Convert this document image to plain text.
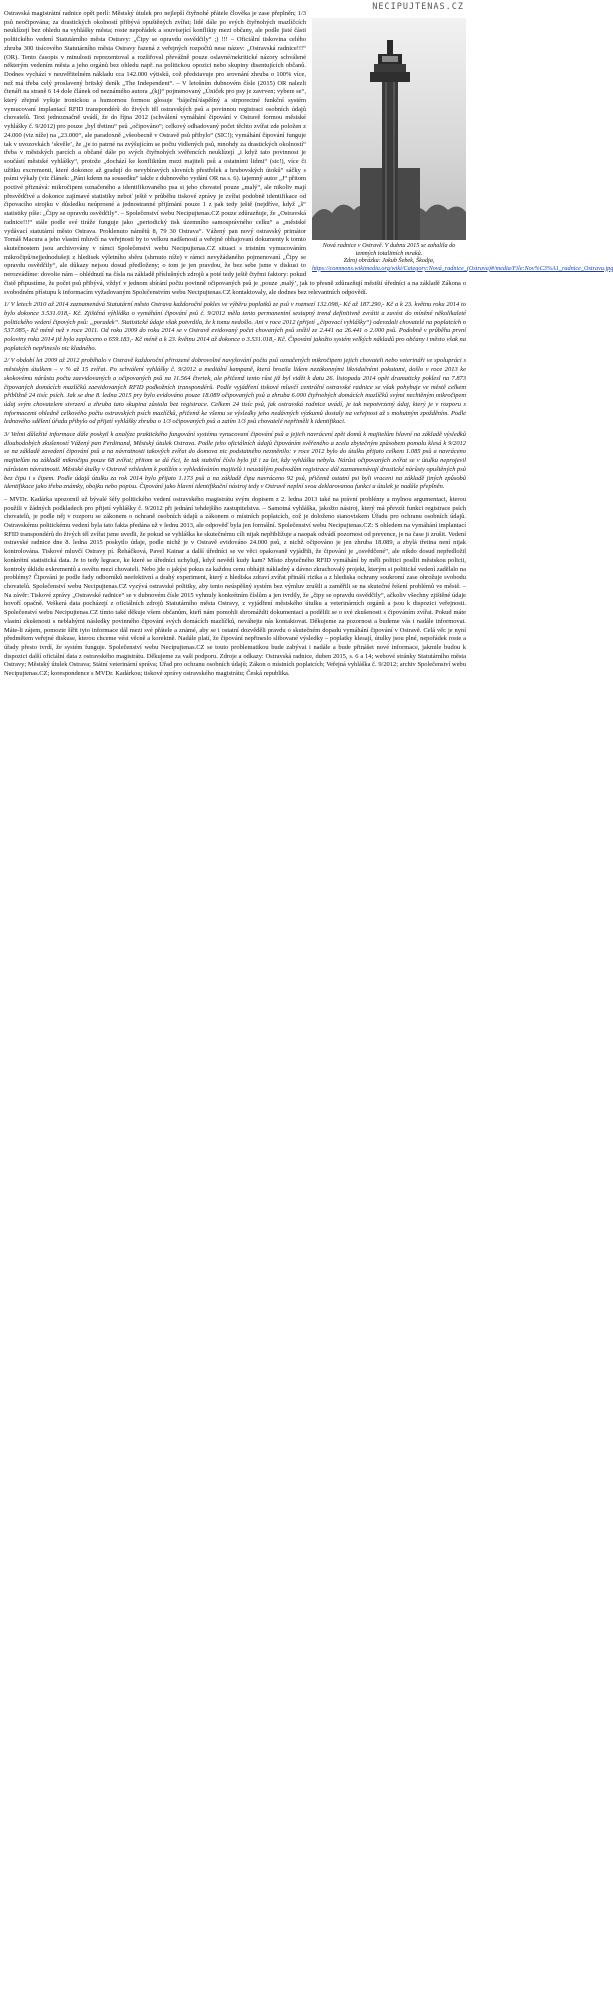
NECIPUJTENAS.CZ
Nová radnice v Ostravě. V dubnu 2015 se zahalila do temných totalitních mraků.
Zdroj obrázku: Jakub Šebek, Škodja,
https://commons.wikimedia.org/wiki/Category:Nová_radnice_(Ostrava)#/media/File:Nov%C3%A1_radnice_Ostrava.jpg

Ostravská magistrátní radnice opět perlí: Městský útulek pro nejlepší čtyřnohé přátele člověka je zase přeplněn; 1/3 psů neočipována; za drastických okolností přibývá opuštěných zvířat; lidé dále po svých čtyřnohých mazlíčcích neuklízejí bez ohledu na vyhlášky města; roste nepořádek a související konflikty mezi občany, ale podle jisté části politického vedení Statutárního města Ostravy: „Čipy se opravdu osvědčily“ ;) !!! – Oficiální tiskovina celého zhruba 300 tisícového Statutárního města Ostravy řazená z veřejných rozpočtů nese název: „Ostravská radnice!!!“ (OR). Tento časopis v minulosti reprezentoval a rozšiřoval převážně pouze oslavné/nekritické názory schválené některým vedením města a jeho orgánů bez ohledu např. na politickou opozici nebo skupiny disentujících občanů. Dodnes vychází v neuvěřitelném nákladu cca 142.000 výtisků, což představuje pro srovnání zhruba o 100% více, než má třeba celý proslavený britský deník „The Independent“. – V letošním dubnovém čísle (2015) OR nalezli čtenáři na straně 6 14 dole článek od neznámého autora „(kj)“ pojmenovaný „Úniček pro psy je zavrven; vybere se“, který zřejmě vyšuje ironickou a humornou formou glosuje ‘báječní/úspěšný a strporectné funkční systém vymucovaní implantací RFID transpondérů do živých těl ostravských psů a povinnou registraci osobních údajů chovatelů. Text jednoznačně uvádí, že do října 2012 (schválení vymáhání čipování v Ostravě formou městské vyhlášky č. 9/2012) pro pouze „byl třetinu“ psů „očipováno“; celkový odhadovaný počet těchto zvířat zde položen z 24.000 (viz níže) na „23.000“, ale paradoxně „všeobecně v Ostravě psů přibylo“ (SIC!); vymáhání čipování funguje tak v uvozovkách ‘skvěle’, že „je to patrné na zvýšujícím se počtu vidlených psů, mnohdy za drastických okolností“ třeba v městských parcích a občané dále po svých čtyřnohých svěřencích neuklízejí „i když tato povinnost je součástí městské vyhlášky“, protože „dochází ke konfliktům mezi majiteli psů a ostatními lidmi“ (sic!), více či užitku excrementi, které dokonce až gradují do nevybíravých slovních přestřelek a hrubovských útoků“ sáčky s psími výkaly (viz článek: „Páni kdenn na sousedku“ takže z dubnového vydání OR na s. 6). tajemný autor „J“ přitom poctivé přiznává: mikročipem označeného a identifikovaného psa si jeho chovatel pouze „malý“, ale nikoliv mají přesvědčivé a dokonce zajímavé statistiky neboť ještě v průběhu tiskové zprávy je zvířat podobně identifikace od čipovacího strojku v důsledku neúprosné a jednostranné přijímání pouze 1 z pak tedy ještě (nejdříve, když „š“ statistiky píše: „Čipy se opravdu osvědčily“. – Společenství webu Necipujtenas.CZ pouze zdůrazňuje, že „Ostravská radnice!!!“ stále podle své tiráže funguje jako „periodický tisk územního samosprávného celku“ a „městské vydávací statutární město Ostrava. Proklenuto námětů 8, 79 30 Ostrava“. Vážený pan nový ostravský primátor Tomáš Macura a jeho vlastní mluvčí na veřejnosti by to velkou nadšeností a veřejně obhajovaní dokumenty k tomto skutečnostem jsou archivovány v rámci Společenství webu Necipujtenas.CZ situaci s tristním vymucováním mikročipů/nejjednodušeji z hledisek výletního sběru (shrnuto níže) v rámci nevyžádaného pojmenovaní „Čipy se opravdu osvědčily“, ale důkazy nejsou dosud předloženy; o tom je jen pravdou, že bez sebe jsme v diskusi to nerozvádíme: dovolte nám – ohlédnutí na čísla na základě příslušných zdrojů a poté tedy ještě čtyřmi faktory: pokud čistě připustíme, že počet psů přibývá, vždyť v jednom sbírání počtu povinně očipovaných psů je ‚pouze ‚malý’, jak to přesně zdůrazňují městští úředníci a na základě Zákona o svobodném přístupu k informacím vyžadovaným Společenstvím webu Necipujtenas.CZ kontaktovaly, ale dodnes bez relevantních odpovědí.

1/ V letech 2010 až 2014 zaznamenává Statutární město Ostrava každoroční pokles ve výběru poplatků ze psů v rozmezí 132.098,- Kč až 187.290,- Kč a k 23. květnu roku 2014 to bylo dokonce 3.531.018,- Kč. Zjištěná výhlídka o vymáhání čipování psů č. 9/2012 měla tento permanentní sestupný trend definitivně zvrátit a zavést do míněné několikaleté politického vedení čipových psů: „poradek“. Statistické údaje však potvrdila, že k tomu nedošlo. Ani v roce 2012 (přijetí „čipovací vyhlášky“) odevzdali chovatelé na poplatcích o 537.085,- Kč méně než v roce 2011. Od roku 2009 do roku 2014 se v Ostravě evidovaný počet chovaných psů snížil ze 2.441 na 26.441 o 2.000 psů. Podobně v průběhu první poloviny roku 2014 již bylo zaplaceno o 659.183,- Kč méně a k 23. květnu 2014 až dokonce o 3.531.018,- Kč. Čipování jakožto systém velkých nákladů pro občany i město však na poplatcích nepřineslo nic kladného.

2/ V období let 2009 až 2012 probíhalo v Ostravě každoroční přirozené dobrovolné navyšování počtu psů označených mikročipem jejich chovateli nebo veterináři ve spolupráci s městským útulkem – v % až 15 zvířat. Po schválení vyhlášky č. 9/2012 a mediální kampaně, která hrozila lidem nezákonnými likvidačními pokutami, došlo v roce 2013 ke skokovému nárůstu počtu zaevidovaných a očipovaných psů na 11.564 čtvrtek, ale přičemž tento růst již byl vidět k datu 26. listopadu 2014 opět dramaticky poklesl na 7.873 čipovaných domácích mazlíčků zaevidovaných RFID podkožních transpondérů. Podle vyjádření tiskové mluvčí centrální ostravské radnice se však pohybuje ve městě celkem přibližně 24 tisíc psích. Jak se dne 8. ledna 2015 pry bylo evidováno pouze 18.089 očipovaných psů a zhruba 6.000 čtyřnohých domácích mazlíčků svými nechtěným mikročipem údaj svým chovatelem stvrzení a zhruba tato skupina zůstala bez registrace. Celkem 24 tisíc psů, jak ostravská radnice uvádí, je tak nepotvrzený údaj, který je v rozporu s informacemi ohledně celkového počtu ostravských psích mazlíčků, přičemž ke všemu se výsledky jeho nedávných výzkumů dostaly na veřejnost až s mohutným zpožděním. Podle lednového sdělení úřadu přibylo od přijetí vyhlášky zhruba o 1/3 očipovaných psů a zatím 1/3 psů chovatelé nepřiměli k identifikaci.

3/ Velmi důležité informace dále poskytl k analýze praktického fungování systému vynucovaní čipování psů a jejich navrácení zpět domů k majitelům hlavní na základě výsledků dlouhodobých zkušeností Vážený pan Ferdinand, Městský útulek Ostrava. Podle jeho oficiálních údajů čipováním svěřeného a zcela zbytečným způsobem pomalu klesá k 9/2012 se na základě zavedení čipování psů a na návratnosti takových zvířat do domova nic podstatného nezměnilo: v roce 2012 bylo do útulku přijato celkem 1.085 psů a navráceno majitelům na základě mikročipu pouze 68 zvířat; přitom se dá říci, že tak stabilní číslo bylo již i za let, kdy vyhláška nebyla. Nárůst očipovaných zvířat se v útulku neprojevil nárůstem návratnosti. Městské útulky v Ostravě vzhledem k potížím s vyhledáváním majitelů i neustálým podvodům registrace dál zaznamenávají drastické nárůsty opuštěných psů bez čipu i s čipem. Podle údajů útulku za rok 2014 bylo přijato 1.173 psů a na základě čipu navráceno 92 psů, přičemž ostatní psi byli vraceni na základě jiných způsobů identifikace jako třeba známky, obojku nebo popisu. Čipování jako hlavní identifikační nástroj tedy v Ostravě neplní svou deklarovanou funkci a útulek je nadále přeplněn.

– MVDr. Kadárka upozornil už bývalé šéfy politického vedení ostravského magistrátu svým dopisem z 2. ledna 2013 také na právní problémy a mylnou argumentaci, kterou použili v žádných podkladech pro přijetí vyhlášky č. 9/2012 při jednání tehdejšího zastupitelstva. – Samotná vyhláška, jakožto nástroj, který má převzít funkci registrace psích chovatelů, je podle něj v rozporu se zákonem o ochraně osobních údajů a zákonem o místních poplatcích, což je doloženo stanoviskem Úřadu pro ochranu osobních údajů. Ostravskému politickému vedení byla tato fakta předána už v lednu 2013, ale odpověď byla jen formální. Společenství webu Necipujtenas.CZ: S ohledem na vymáhání implantací RFID transpondérů do živých těl zvířat jsme uvedli, že pokud se vyhláška ke skutečnému cíli nijak nepřibližuje a naopak odvádí pozornost od prevence, je na čase ji zrušit. Vedení ostravské radnice dne 8. ledna 2015 poskytlo údaje, podle nichž je v Ostravě evidováno 24.000 psů, z nichž očipováno je jen zhruba 18.089, a zbylá třetina není nijak kontrolována. Tiskové mluvčí Ostravy pí. Řeháčková, Pavel Kainar a další úředníci se ve věci opakovaně vyjádřili, že čipování je „osvědčené“, ale nikdo dosud nepředložil konkrétní statistická data. Je to tedy legrace, ke které se úředníci uchylují, když nevědí kudy kam? Místo zbytečného RFID vymáhání by měli politici posílit městskou policii, kontroly úklidu exkrementů a osvětu mezi chovateli. Nebo jde o jakýsi pokus za každou cenu obhájit nákladný a dávno zkrachovalý projekt, kterým si politické vedení zadělalo na problémy? Čipování je podle řady odborníků neefektivní a drahý experiment, který z hlediska zdraví zvířat přináší rizika a z hlediska ochrany soukromí zase ohrožuje svobodu chovatelů. Společenství webu Necipujtenas.CZ vyzývá ostravské politiky, aby tento neúspěšný systém bez výmluv zrušili a zaměřili se na skutečné řešení problémů ve městě. – Na závěr: Tiskové zprávy „Ostravské radnice“ se v dubnovém čísle 2015 vyhnuly konkrétním číslům a jen tvrdily, že „čipy se opravdu osvědčily“, ačkoliv všechny zjištěné údaje hovoří opačně. Veškerá data pocházejí z oficiálních zdrojů Statutárního města Ostravy, z vyjádření městského útulku a veterinárních orgánů a jsou k dispozici veřejnosti. Společenství webu Necipujtenas.CZ tímto také děkuje všem občanům, kteří nám pomohli shromáždit dokumentaci a podělili se o své zkušenosti s čipováním zvířat. Pokud máte vlastní zkušenosti s neblahými následky povinného čipování svých domácích mazlíčků, neváhejte nás kontaktovat. Děkujeme za pozornost a budeme vás i nadále informovat. Máte-li zájem, pomozte šířit tyto informace dál mezi své přátele a známé, aby se i ostatní dozvěděli pravdu o skutečném dopadu vymáhání čipování v Ostravě. Celá věc je nyní předmětem veřejné diskuse, kterou chceme vést věcně a korektně. Nadále platí, že čipování nepřineslo slibované výsledky – poplatky klesají, útulky jsou plné, nepořádek roste a úřady přesto tvrdí, že systém funguje. Společenství webu Necipujtenas.CZ se touto problematikou bude zabývat i nadále a bude přinášet nové informace, jakmile budou k dispozici další oficiální data z ostravského magistrátu. Děkujeme za vaši podporu. Zdroje a odkazy: Ostravská radnice, duben 2015, s. 6 a 14; webové stránky Statutárního města Ostravy; Městský útulek Ostrava; Státní veterinární správa; Úřad pro ochranu osobních údajů; Zákon o místních poplatcích; Veřejná vyhláška č. 9/2012; archiv Společenství webu Necipujtenas.CZ; korespondence s MVDr. Kadárkou; tiskové zprávy ostravského magistrátu; Česká republika.
